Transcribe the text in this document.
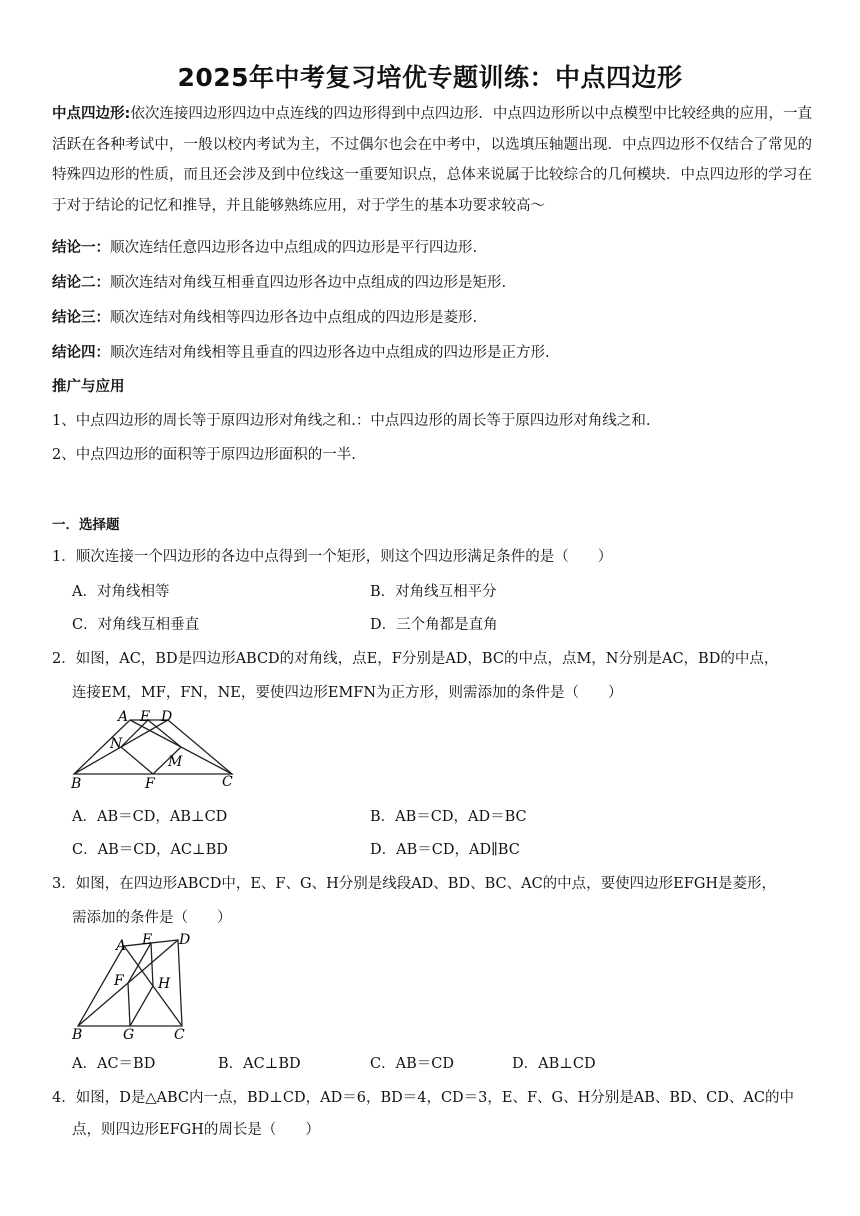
2025年中考复习培优专题训练：中点四边形
中点四边形:依次连接四边形四边中点连线的四边形得到中点四边形．中点四边形所以中点模型中比较经典的应用，一直活跃在各种考试中，一般以校内考试为主，不过偶尔也会在中考中，以选填压轴题出现．中点四边形不仅结合了常见的特殊四边形的性质，而且还会涉及到中位线这一重要知识点，总体来说属于比较综合的几何模块．中点四边形的学习在于对于结论的记忆和推导，并且能够熟练应用，对于学生的基本功要求较高～
结论一：顺次连结任意四边形各边中点组成的四边形是平行四边形.
结论二：顺次连结对角线互相垂直四边形各边中点组成的四边形是矩形.
结论三：顺次连结对角线相等四边形各边中点组成的四边形是菱形.
结论四：顺次连结对角线相等且垂直的四边形各边中点组成的四边形是正方形.
推广与应用
1、中点四边形的周长等于原四边形对角线之和.：中点四边形的周长等于原四边形对角线之和.
2、中点四边形的面积等于原四边形面积的一半.
一．选择题
1．顺次连接一个四边形的各边中点得到一个矩形，则这个四边形满足条件的是（　　）
A．对角线相等	B．对角线互相平分
C．对角线互相垂直	D．三个角都是直角
2．如图，AC，BD是四边形ABCD的对角线，点E，F分别是AD，BC的中点，点M，N分别是AC，BD的中点，
连接EM，MF，FN，NE，要使四边形EMFN为正方形，则需添加的条件是（　　）
A E D
N
M
B	F	C
A．AB＝CD，AB⊥CD	B．AB＝CD，AD＝BC
C．AB＝CD，AC⊥BD	D．AB＝CD，AD∥BC
3．如图，在四边形ABCD中，E、F、G、H分别是线段AD、BD、BC、AC的中点，要使四边形EFGH是菱形，
需添加的条件是（　　）
A E D
F H
B	G	C
A．AC＝BD	B．AC⊥BD	C．AB＝CD	D．AB⊥CD
4．如图，D是△ABC内一点，BD⊥CD，AD＝6，BD＝4，CD＝3，E、F、G、H分别是AB、BD、CD、AC的中
点，则四边形EFGH的周长是（　　）
